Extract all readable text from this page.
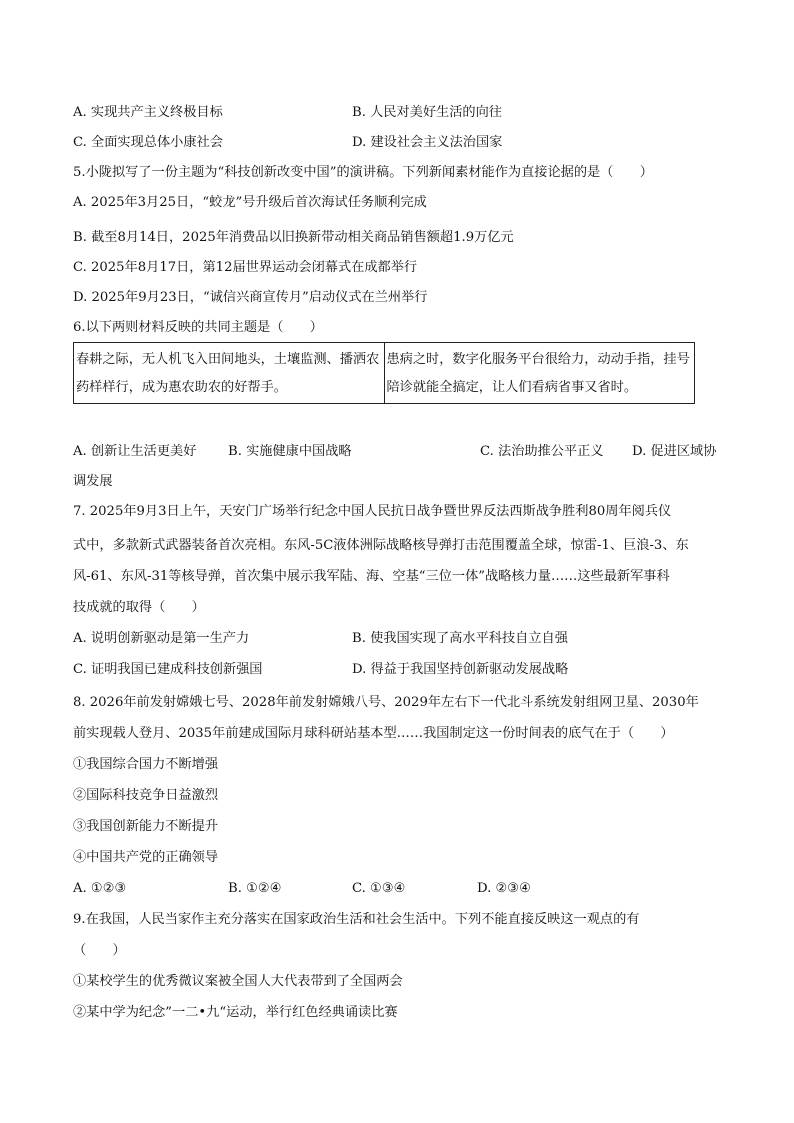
A. 实现共产主义终极目标	B. 人民对美好生活的向往
C. 全面实现总体小康社会	D. 建设社会主义法治国家
5.小陇拟写了一份主题为“科技创新改变中国”的演讲稿。下列新闻素材能作为直接论据的是（　　）
A. 2025年3月25日，“蛟龙”号升级后首次海试任务顺利完成
B. 截至8月14日，2025年消费品以旧换新带动相关商品销售额超1.9万亿元
C. 2025年8月17日，第12届世界运动会闭幕式在成都举行
D. 2025年9月23日，“诚信兴商宣传月”启动仪式在兰州举行
6.以下两则材料反映的共同主题是（　　）
春耕之际，无人机飞入田间地头，土壤监测、播洒农药样样行，成为惠农助农的好帮手。	患病之时，数字化服务平台很给力，动动手指，挂号陪诊就能全搞定，让人们看病省事又省时。
A. 创新让生活更美好 B. 实施健康中国战略	C. 法治助推公平正义 D. 促进区域协
调发展
7. 2025年9月3日上午，天安门广场举行纪念中国人民抗日战争暨世界反法西斯战争胜利80周年阅兵仪
式中，多款新式武器装备首次亮相。东风-5C液体洲际战略核导弹打击范围覆盖全球，惊雷-1、巨浪-3、东
风-61、东风-31等核导弹，首次集中展示我军陆、海、空基“三位一体”战略核力量……这些最新军事科
技成就的取得（　　）
A. 说明创新驱动是第一生产力	B. 使我国实现了高水平科技自立自强
C. 证明我国已建成科技创新强国	D. 得益于我国坚持创新驱动发展战略
8. 2026年前发射嫦娥七号、2028年前发射嫦娥八号、2029年左右下一代北斗系统发射组网卫星、2030年
前实现载人登月、2035年前建成国际月球科研站基本型……我国制定这一份时间表的底气在于（　　）
①我国综合国力不断增强
②国际科技竞争日益激烈
③我国创新能力不断提升
④中国共产党的正确领导
A. ①②③	B. ①②④	C. ①③④	D. ②③④
9.在我国，人民当家作主充分落实在国家政治生活和社会生活中。下列不能直接反映这一观点的有
（　　）
①某校学生的优秀微议案被全国人大代表带到了全国两会
②某中学为纪念”一二•九“运动，举行红色经典诵读比赛
